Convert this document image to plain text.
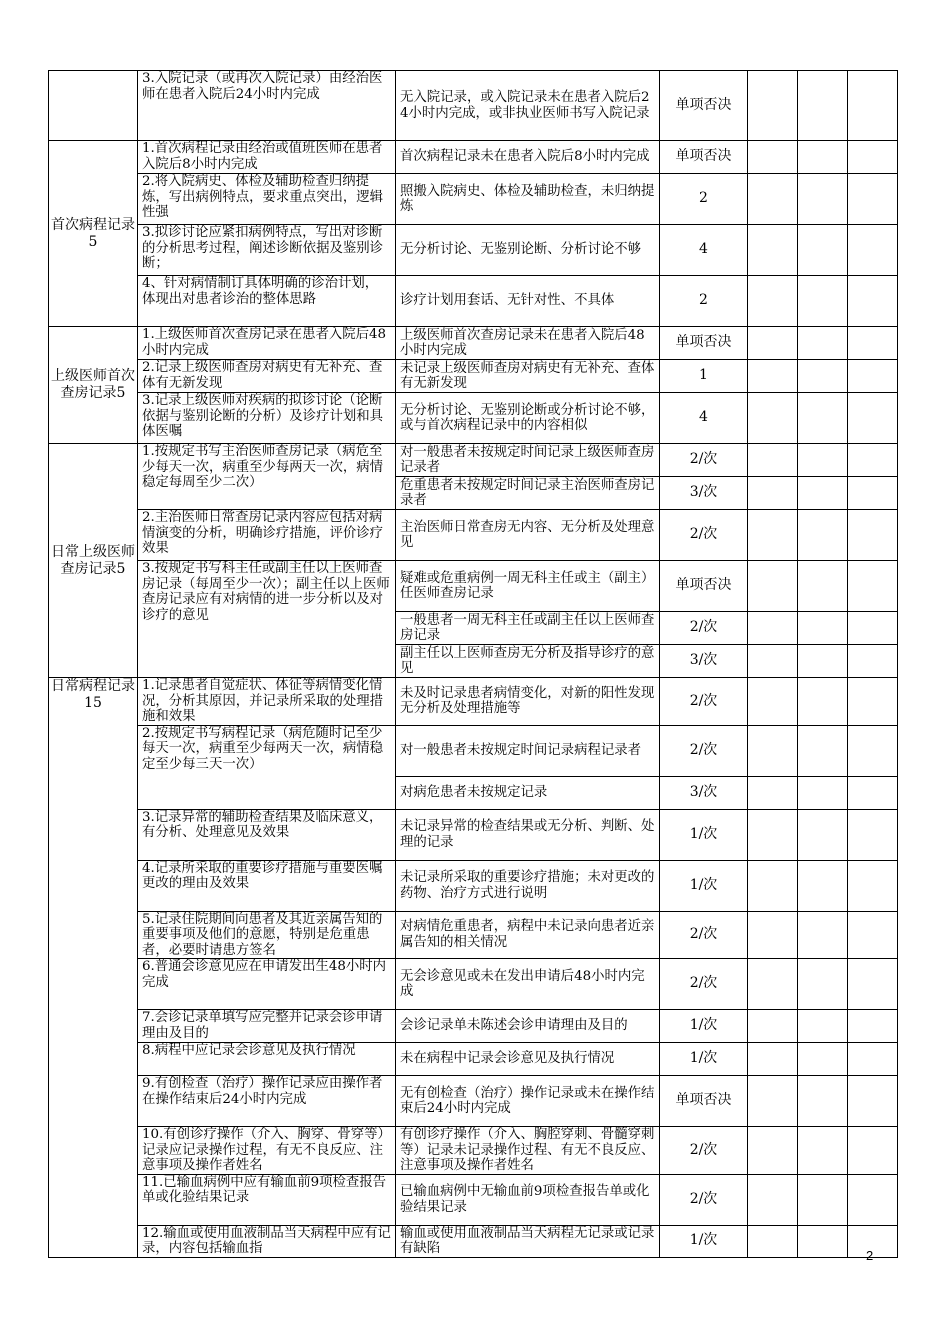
	3.入院记录（或再次入院记录）由经治医师在患者入院后24小时内完成	无入院记录，或入院记录未在患者入院后24小时内完成，或非执业医师书写入院记录	单项否决			
首次病程记录5	1.首次病程记录由经治或值班医师在患者入院后8小时内完成	首次病程记录未在患者入院后8小时内完成	单项否决			
	2.将入院病史、体检及辅助检查归纳提炼，写出病例特点，要求重点突出，逻辑性强	照搬入院病史、体检及辅助检查，未归纳提炼	2			
	3.拟诊讨论应紧扣病例特点，写出对诊断的分析思考过程，阐述诊断依据及鉴别诊断；	无分析讨论、无鉴别论断、分析讨论不够	4			
	4、针对病情制订具体明确的诊治计划，体现出对患者诊治的整体思路	诊疗计划用套话、无针对性、不具体	2			
上级医师首次查房记录5	1.上级医师首次查房记录在患者入院后48小时内完成	上级医师首次查房记录未在患者入院后48小时内完成	单项否决			
	2.记录上级医师查房对病史有无补充、查体有无新发现	未记录上级医师查房对病史有无补充、查体有无新发现	1			
	3.记录上级医师对疾病的拟诊讨论（论断依据与鉴别论断的分析）及诊疗计划和具体医嘱	无分析讨论、无鉴别论断或分析讨论不够，或与首次病程记录中的内容相似	4			
日常上级医师查房记录5	1.按规定书写主治医师查房记录（病危至少每天一次，病重至少每两天一次，病情稳定每周至少二次）	对一般患者未按规定时间记录上级医师查房记录者	2/次			
		危重患者未按规定时间记录主治医师查房记录者	3/次			
	2.主治医师日常查房记录内容应包括对病情演变的分析，明确诊疗措施，评价诊疗效果	主治医师日常查房无内容、无分析及处理意见	2/次			
	3.按规定书写科主任或副主任以上医师查房记录（每周至少一次）；副主任以上医师查房记录应有对病情的进一步分析以及对诊疗的意见	疑难或危重病例一周无科主任或主（副主）任医师查房记录	单项否决			
		一般患者一周无科主任或副主任以上医师查房记录	2/次			
		副主任以上医师查房无分析及指导诊疗的意见	3/次			
日常病程记录15	1.记录患者自觉症状、体征等病情变化情况，分析其原因，并记录所采取的处理措施和效果	未及时记录患者病情变化，对新的阳性发现无分析及处理措施等	2/次			
	2.按规定书写病程记录（病危随时记至少每天一次，病重至少每两天一次，病情稳定至少每三天一次）	对一般患者未按规定时间记录病程记录者	2/次			
		对病危患者未按规定记录	3/次			
	3.记录异常的辅助检查结果及临床意义，有分析、处理意见及效果	未记录异常的检查结果或无分析、判断、处理的记录	1/次			
	4.记录所采取的重要诊疗措施与重要医嘱更改的理由及效果	未记录所采取的重要诊疗措施；未对更改的药物、治疗方式进行说明	1/次			
	5.记录住院期间向患者及其近亲属告知的重要事项及他们的意愿，特别是危重患者，必要时请患方签名	对病情危重患者，病程中未记录向患者近亲属告知的相关情况	2/次			
	6.普通会诊意见应在申请发出生48小时内完成	无会诊意见或未在发出申请后48小时内完成	2/次			
	7.会诊记录单填写应完整并记录会诊申请理由及目的	会诊记录单未陈述会诊申请理由及目的	1/次			
	8.病程中应记录会诊意见及执行情况	未在病程中记录会诊意见及执行情况	1/次			
	9.有创检查（治疗）操作记录应由操作者在操作结束后24小时内完成	无有创检查（治疗）操作记录或未在操作结束后24小时内完成	单项否决			
	10.有创诊疗操作（介入、胸穿、骨穿等）记录应记录操作过程，有无不良反应、注意事项及操作者姓名	有创诊疗操作（介入、胸腔穿刺、骨髓穿刺等）记录未记录操作过程、有无不良反应、注意事项及操作者姓名	2/次			
	11.已输血病例中应有输血前9项检查报告单或化验结果记录	已输血病例中无输血前9项检查报告单或化验结果记录	2/次			
	12.输血或使用血液制品当天病程中应有记录，内容包括输血指	输血或使用血液制品当天病程无记录或记录有缺陷	1/次			
2
